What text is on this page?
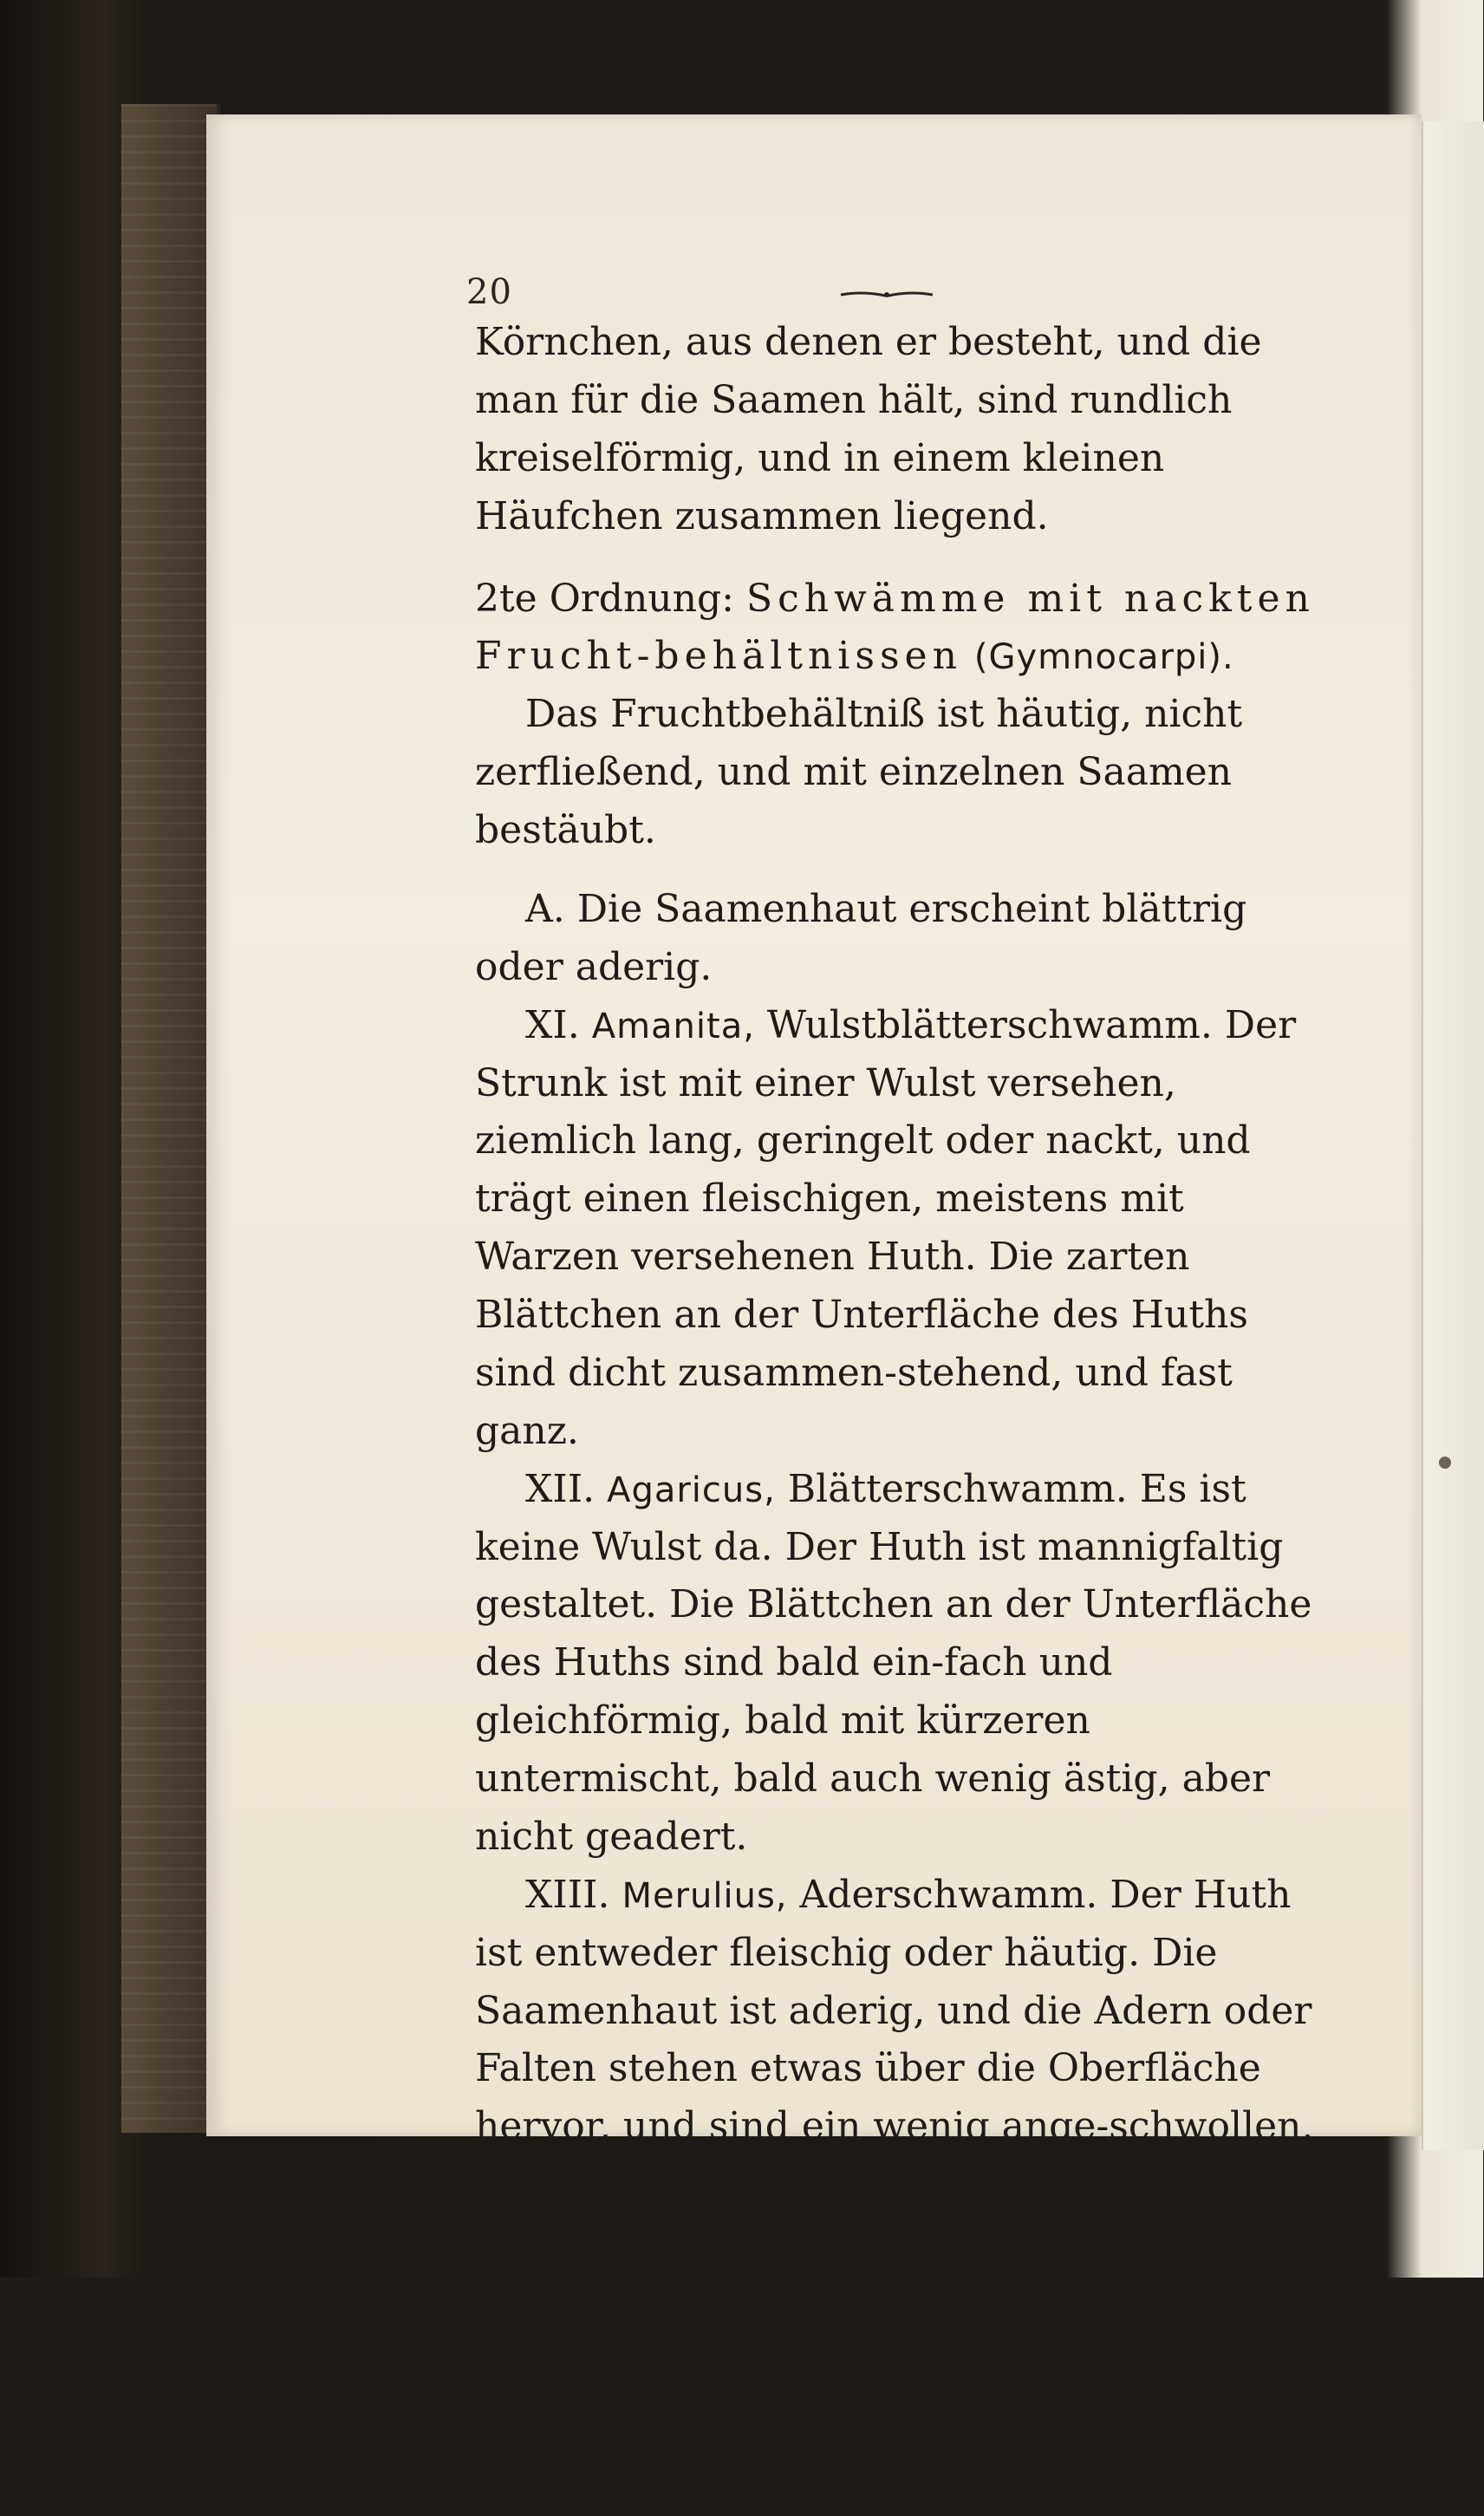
20

Körnchen, aus denen er besteht, und die man für die Saamen hält, sind rundlich kreiselförmig, und in einem kleinen Häufchen zusammen liegend.

2te Ordnung: Schwämme mit nackten Frucht-behältnissen (Gymnocarpi).

Das Fruchtbehältniß ist häutig, nicht zerfließend, und mit einzelnen Saamen bestäubt.

A. Die Saamenhaut erscheint blättrig oder aderig.

XI. Amanita, Wulstblätterschwamm. Der Strunk ist mit einer Wulst versehen, ziemlich lang, geringelt oder nackt, und trägt einen fleischigen, meistens mit Warzen versehenen Huth. Die zarten Blättchen an der Unterfläche des Huths sind dicht zusammen-stehend, und fast ganz.

XII. Agaricus, Blätterschwamm. Es ist keine Wulst da. Der Huth ist mannigfaltig gestaltet. Die Blättchen an der Unterfläche des Huths sind bald ein-fach und gleichförmig, bald mit kürzeren untermischt, bald auch wenig ästig, aber nicht geadert.

XIII. Merulius, Aderschwamm. Der Huth ist entweder fleischig oder häutig. Die Saamenhaut ist aderig, und die Adern oder Falten stehen etwas über die Oberfläche hervor, und sind ein wenig ange-schwollen.

B. Die Saamenhaut besteht aus aderigen, länglich zusammengedrückten oder rund-lichen Röhren.

XIV. Daedalea, Labyrinthschwamm. Der Huth
